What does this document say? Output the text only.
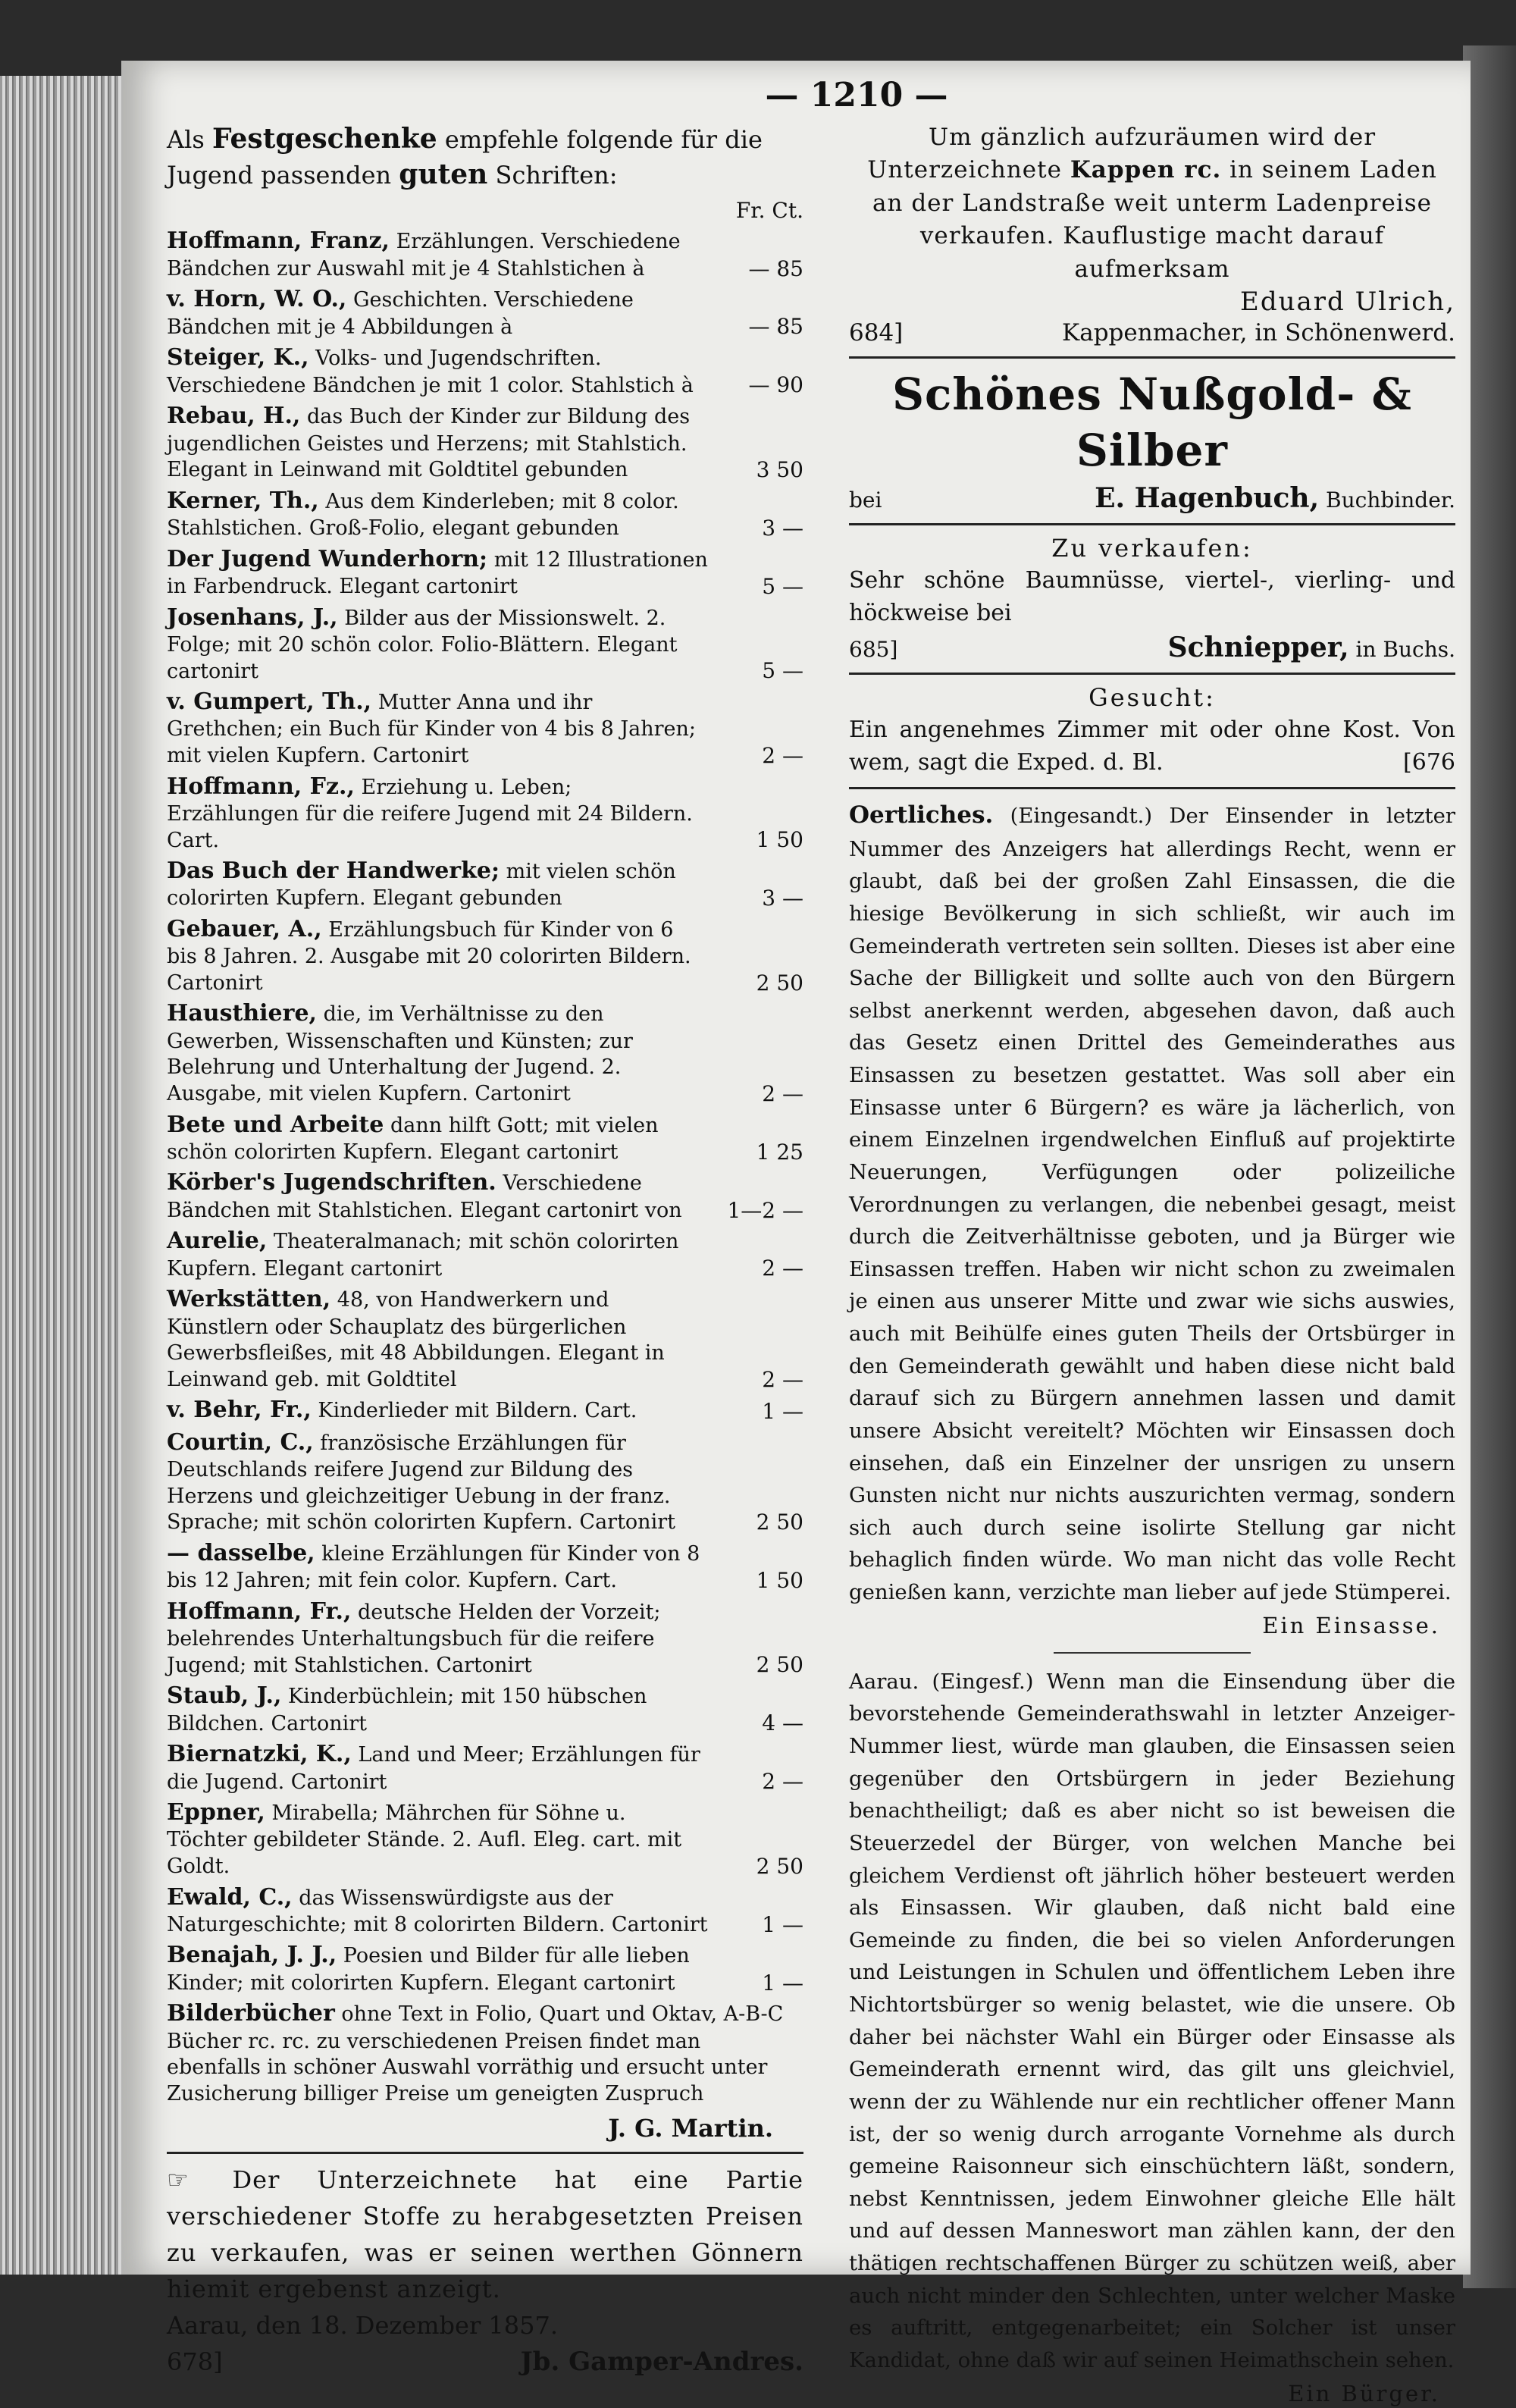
— 1210 —

Als Festgeschenke empfehle folgende für die Jugend passenden guten Schriften:

Fr. Ct.
Hoffmann, Franz, Erzählungen. Verschiedene Bändchen zur Auswahl mit je 4 Stahlstichen à	— 85
v. Horn, W. O., Geschichten. Verschiedene Bändchen mit je 4 Abbildungen à	— 85
Steiger, K., Volks- und Jugendschriften. Verschiedene Bändchen je mit 1 color. Stahlstich à	— 90
Rebau, H., das Buch der Kinder zur Bildung des jugendlichen Geistes und Herzens; mit Stahlstich. Elegant in Leinwand mit Goldtitel gebunden	3 50
Kerner, Th., Aus dem Kinderleben; mit 8 color. Stahlstichen. Groß-Folio, elegant gebunden	3 —
Der Jugend Wunderhorn; mit 12 Illustrationen in Farbendruck. Elegant cartonirt	5 —
Josenhans, J., Bilder aus der Missionswelt. 2. Folge; mit 20 schön color. Folio-Blättern. Elegant cartonirt	5 —
v. Gumpert, Th., Mutter Anna und ihr Grethchen; ein Buch für Kinder von 4 bis 8 Jahren; mit vielen Kupfern. Cartonirt	2 —
Hoffmann, Fz., Erziehung u. Leben; Erzählungen für die reifere Jugend mit 24 Bildern. Cart.	1 50
Das Buch der Handwerke; mit vielen schön colorirten Kupfern. Elegant gebunden	3 —
Gebauer, A., Erzählungsbuch für Kinder von 6 bis 8 Jahren. 2. Ausgabe mit 20 colorirten Bildern. Cartonirt	2 50
Hausthiere, die, im Verhältnisse zu den Gewerben, Wissenschaften und Künsten; zur Belehrung und Unterhaltung der Jugend. 2. Ausgabe, mit vielen Kupfern. Cartonirt	2 —
Bete und Arbeite dann hilft Gott; mit vielen schön colorirten Kupfern. Elegant cartonirt	1 25
Körber's Jugendschriften. Verschiedene Bändchen mit Stahlstichen. Elegant cartonirt von	1—2 —
Aurelie, Theateralmanach; mit schön colorirten Kupfern. Elegant cartonirt	2 —
Werkstätten, 48, von Handwerkern und Künstlern oder Schauplatz des bürgerlichen Gewerbsfleißes, mit 48 Abbildungen. Elegant in Leinwand geb. mit Goldtitel	2 —
v. Behr, Fr., Kinderlieder mit Bildern. Cart.	1 —
Courtin, C., französische Erzählungen für Deutschlands reifere Jugend zur Bildung des Herzens und gleichzeitiger Uebung in der franz. Sprache; mit schön colorirten Kupfern. Cartonirt	2 50
— dasselbe, kleine Erzählungen für Kinder von 8 bis 12 Jahren; mit fein color. Kupfern. Cart.	1 50
Hoffmann, Fr., deutsche Helden der Vorzeit; belehrendes Unterhaltungsbuch für die reifere Jugend; mit Stahlstichen. Cartonirt	2 50
Staub, J., Kinderbüchlein; mit 150 hübschen Bildchen. Cartonirt	4 —
Biernatzki, K., Land und Meer; Erzählungen für die Jugend. Cartonirt	2 —
Eppner, Mirabella; Mährchen für Söhne u. Töchter gebildeter Stände. 2. Aufl. Eleg. cart. mit Goldt.	2 50
Ewald, C., das Wissenswürdigste aus der Naturgeschichte; mit 8 colorirten Bildern. Cartonirt	1 —
Benajah, J. J., Poesien und Bilder für alle lieben Kinder; mit colorirten Kupfern. Elegant cartonirt	1 —
Bilderbücher ohne Text in Folio, Quart und Oktav, A-B-C Bücher rc. rc. zu verschiedenen Preisen findet man ebenfalls in schöner Auswahl vorräthig und ersucht unter Zusicherung billiger Preise um geneigten Zuspruch
J. G. Martin.
☞ Der Unterzeichnete hat eine Partie verschiedener Stoffe zu herabgesetzten Preisen zu verkaufen, was er seinen werthen Gönnern hiemit ergebenst anzeigt.
Aarau, den 18. Dezember 1857.
678]	Jb. Gamper-Andres.
Um gänzlich aufzuräumen wird der Unterzeichnete Kappen rc. in seinem Laden an der Landstraße weit unterm Ladenpreise verkaufen. Kauflustige macht darauf aufmerksam
Eduard Ulrich,
684]	Kappenmacher, in Schönenwerd.
Schönes Nußgold- & Silber
bei	E. Hagenbuch, Buchbinder.
Zu verkaufen:
Sehr schöne Baumnüsse, viertel-, vierling- und höckweise bei
685]	Schniepper, in Buchs.
Gesucht:
Ein angenehmes Zimmer mit oder ohne Kost. Von wem, sagt die Exped. d. Bl.	[676

Oertliches. (Eingesandt.) Der Einsender in letzter Nummer des Anzeigers hat allerdings Recht, wenn er glaubt, daß bei der großen Zahl Einsassen, die die hiesige Bevölkerung in sich schließt, wir auch im Gemeinderath vertreten sein sollten. Dieses ist aber eine Sache der Billigkeit und sollte auch von den Bürgern selbst anerkennt werden, abgesehen davon, daß auch das Gesetz einen Drittel des Gemeinderathes aus Einsassen zu besetzen gestattet. Was soll aber ein Einsasse unter 6 Bürgern? es wäre ja lächerlich, von einem Einzelnen irgendwelchen Einfluß auf projektirte Neuerungen, Verfügungen oder polizeiliche Verordnungen zu verlangen, die nebenbei gesagt, meist durch die Zeitverhältnisse geboten, und ja Bürger wie Einsassen treffen. Haben wir nicht schon zu zweimalen je einen aus unserer Mitte und zwar wie sichs auswies, auch mit Beihülfe eines guten Theils der Ortsbürger in den Gemeinderath gewählt und haben diese nicht bald darauf sich zu Bürgern annehmen lassen und damit unsere Absicht vereitelt? Möchten wir Einsassen doch einsehen, daß ein Einzelner der unsrigen zu unsern Gunsten nicht nur nichts auszurichten vermag, sondern sich auch durch seine isolirte Stellung gar nicht behaglich finden würde. Wo man nicht das volle Recht genießen kann, verzichte man lieber auf jede Stümperei.

Ein Einsasse.

Aarau. (Eingesf.) Wenn man die Einsendung über die bevorstehende Gemeinderathswahl in letzter Anzeiger-Nummer liest, würde man glauben, die Einsassen seien gegenüber den Ortsbürgern in jeder Beziehung benachtheiligt; daß es aber nicht so ist beweisen die Steuerzedel der Bürger, von welchen Manche bei gleichem Verdienst oft jährlich höher besteuert werden als Einsassen. Wir glauben, daß nicht bald eine Gemeinde zu finden, die bei so vielen Anforderungen und Leistungen in Schulen und öffentlichem Leben ihre Nichtortsbürger so wenig belastet, wie die unsere. Ob daher bei nächster Wahl ein Bürger oder Einsasse als Gemeinderath ernennt wird, das gilt uns gleichviel, wenn der zu Wählende nur ein rechtlicher offener Mann ist, der so wenig durch arrogante Vornehme als durch gemeine Raisonneur sich einschüchtern läßt, sondern, nebst Kenntnissen, jedem Einwohner gleiche Elle hält und auf dessen Manneswort man zählen kann, der den thätigen rechtschaffenen Bürger zu schützen weiß, aber auch nicht minder den Schlechten, unter welcher Maske es auftritt, entgegenarbeitet; ein Solcher ist unser Kandidat, ohne daß wir auf seinen Heimathschein sehen.

Ein Bürger.
